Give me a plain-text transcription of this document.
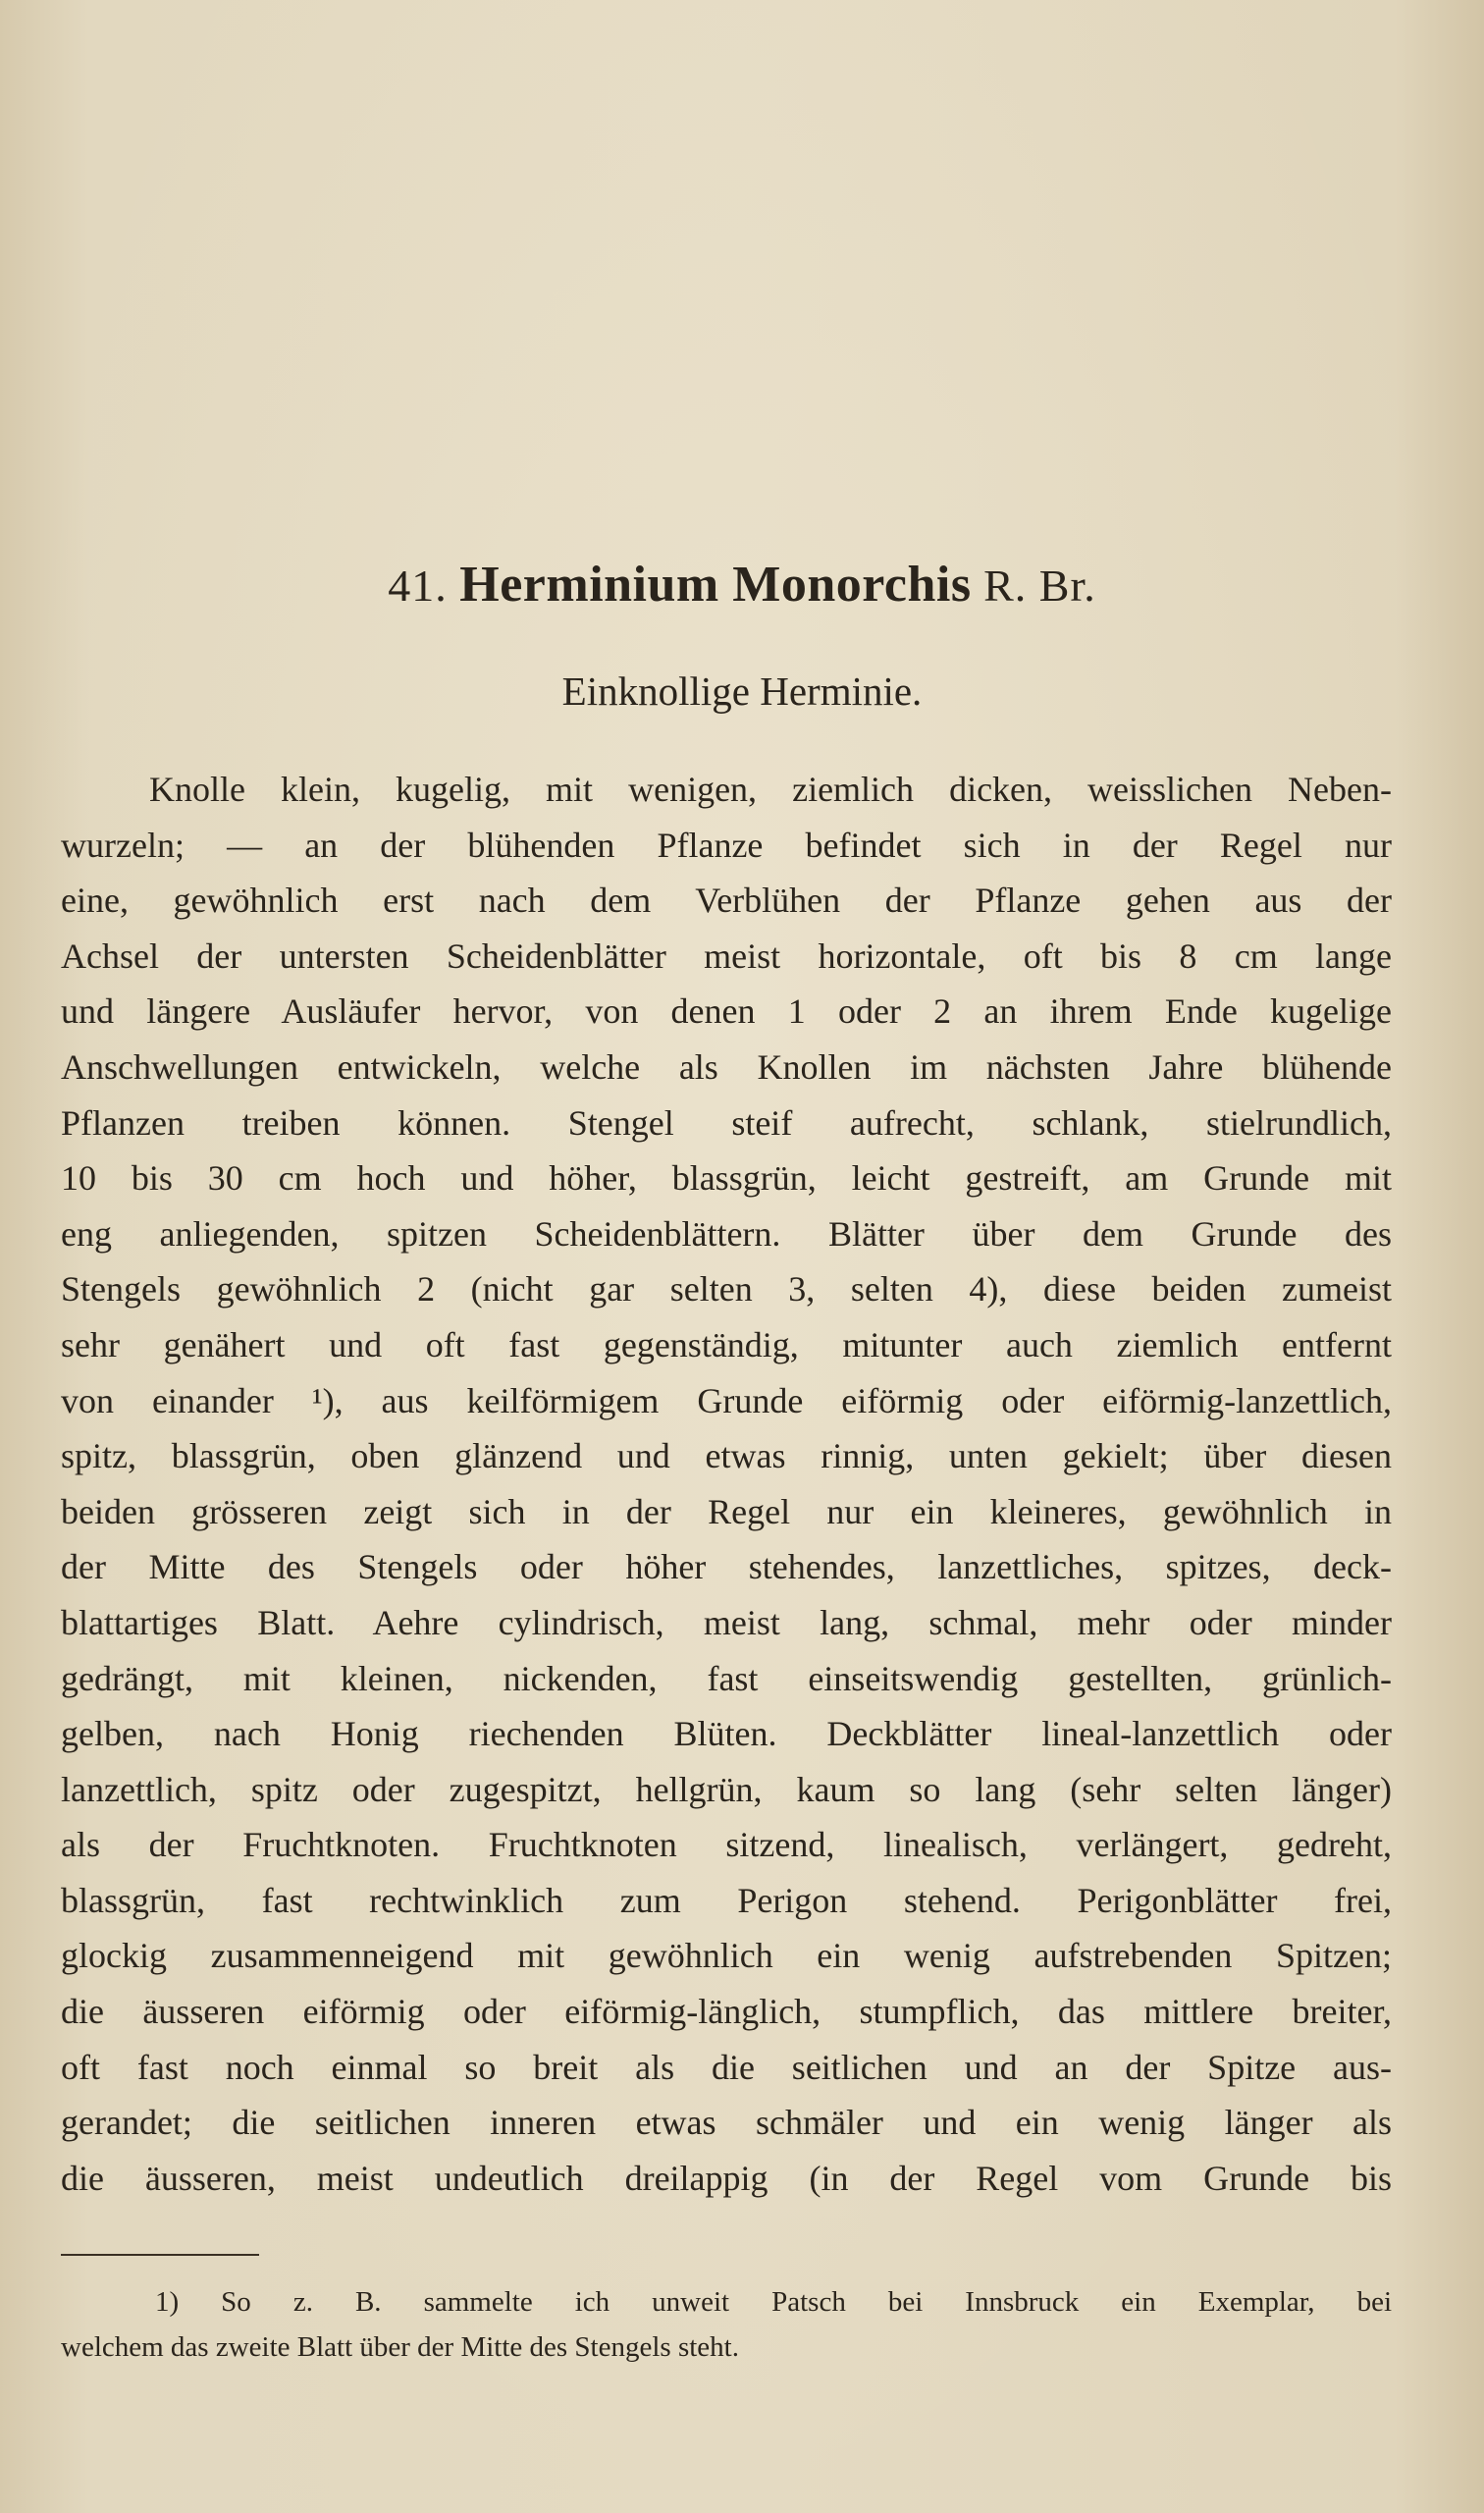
41. Herminium Monorchis R. Br.
Einknollige Herminie.
Knolle klein, kugelig, mit wenigen, ziemlich dicken, weisslichen Neben-
wurzeln; — an der blühenden Pflanze befindet sich in der Regel nur
eine, gewöhnlich erst nach dem Verblühen der Pflanze gehen aus der
Achsel der untersten Scheidenblätter meist horizontale, oft bis 8 cm lange
und längere Ausläufer hervor, von denen 1 oder 2 an ihrem Ende kugelige
Anschwellungen entwickeln, welche als Knollen im nächsten Jahre blühende
Pflanzen treiben können. Stengel steif aufrecht, schlank, stielrundlich,
10 bis 30 cm hoch und höher, blassgrün, leicht gestreift, am Grunde mit
eng anliegenden, spitzen Scheidenblättern. Blätter über dem Grunde des
Stengels gewöhnlich 2 (nicht gar selten 3, selten 4), diese beiden zumeist
sehr genähert und oft fast gegenständig, mitunter auch ziemlich entfernt
von einander ¹), aus keilförmigem Grunde eiförmig oder eiförmig-lanzettlich,
spitz, blassgrün, oben glänzend und etwas rinnig, unten gekielt; über diesen
beiden grösseren zeigt sich in der Regel nur ein kleineres, gewöhnlich in
der Mitte des Stengels oder höher stehendes, lanzettliches, spitzes, deck-
blattartiges Blatt. Aehre cylindrisch, meist lang, schmal, mehr oder minder
gedrängt, mit kleinen, nickenden, fast einseitswendig gestellten, grünlich-
gelben, nach Honig riechenden Blüten. Deckblätter lineal-lanzettlich oder
lanzettlich, spitz oder zugespitzt, hellgrün, kaum so lang (sehr selten länger)
als der Fruchtknoten. Fruchtknoten sitzend, linealisch, verlängert, gedreht,
blassgrün, fast rechtwinklich zum Perigon stehend. Perigonblätter frei,
glockig zusammenneigend mit gewöhnlich ein wenig aufstrebenden Spitzen;
die äusseren eiförmig oder eiförmig-länglich, stumpflich, das mittlere breiter,
oft fast noch einmal so breit als die seitlichen und an der Spitze aus-
gerandet; die seitlichen inneren etwas schmäler und ein wenig länger als
die äusseren, meist undeutlich dreilappig (in der Regel vom Grunde bis
1) So z. B. sammelte ich unweit Patsch bei Innsbruck ein Exemplar, bei
welchem das zweite Blatt über der Mitte des Stengels steht.
